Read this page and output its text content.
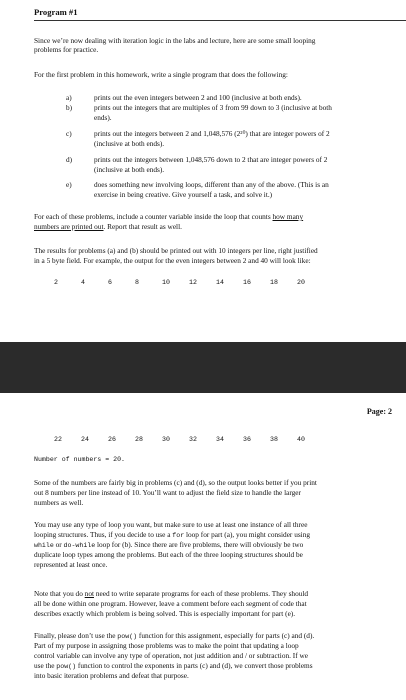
Program #1

Since we’re now dealing with iteration logic in the labs and lecture, here are some small looping

problems for practice.

For the first problem in this homework, write a single program that does the following:

a)	prints out the even integers between 2 and 100 (inclusive at both ends).
b)	prints out the integers that are multiples of 3 from 99 down to 3 (inclusive at both
ends).
c)	prints out the integers between 2 and 1,048,576 (2²⁰) that are integer powers of 2
(inclusive at both ends).
d)	prints out the integers between 1,048,576 down to 2 that are integer powers of 2
(inclusive at both ends).
e)	does something new involving loops, different than any of the above. (This is an
exercise in being creative. Give yourself a task, and solve it.)

For each of these problems, include a counter variable inside the loop that counts how many

numbers are printed out. Report that result as well.

The results for problems (a) and (b) should be printed out with 10 integers per line, right justified

in a 5 byte field. For example, the output for the even integers between 2 and 40 will look like:

2	4	6	8	10	12	14	16	18	20
Page: 2
22	24	26	28	30	32	34	36	38	40

Number of numbers = 20.

Some of the numbers are fairly big in problems (c) and (d), so the output looks better if you print

out 8 numbers per line instead of 10. You’ll want to adjust the field size to handle the larger

numbers as well.

You may use any type of loop you want, but make sure to use at least one instance of all three

looping structures. Thus, if you decide to use a for loop for part (a), you might consider using

while or do-while loop for (b). Since there are five problems, there will obviously be two

duplicate loop types among the problems. But each of the three looping structures should be

represented at least once.

Note that you do not need to write separate programs for each of these problems. They should

all be done within one program. However, leave a comment before each segment of code that

describes exactly which problem is being solved. This is especially important for part (e).

Finally, please don’t use the pow() function for this assignment, especially for parts (c) and (d).

Part of my purpose in assigning those problems was to make the point that updating a loop

control variable can involve any type of operation, not just addition and / or subtraction. If we

use the pow() function to control the exponents in parts (c) and (d), we convert those problems

into basic iteration problems and defeat that purpose.
